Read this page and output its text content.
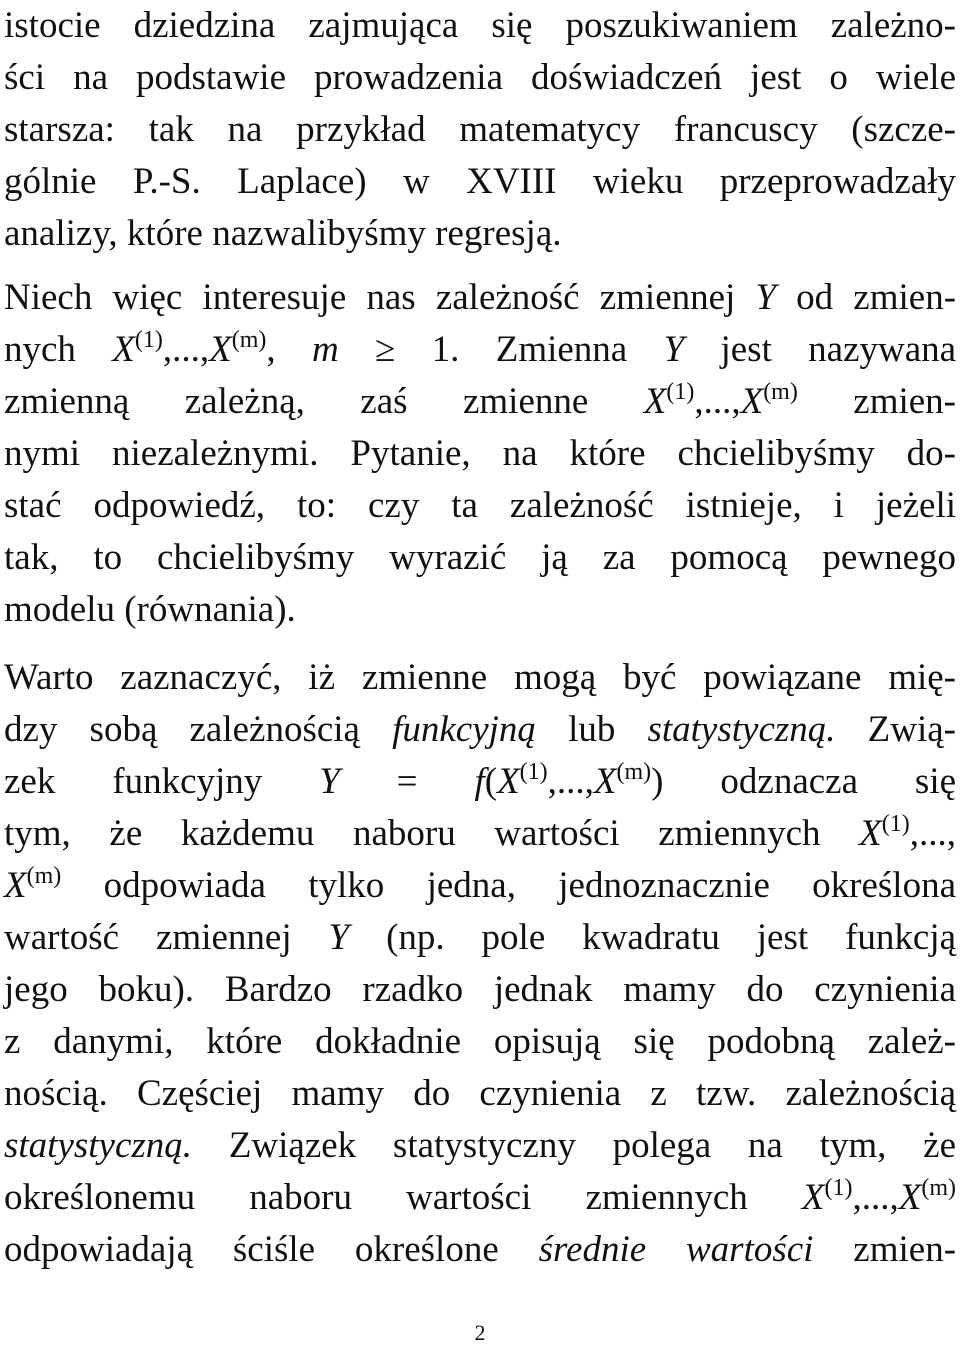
istocie dziedzina zajmująca się poszukiwaniem zależno-
ści na podstawie prowadzenia doświadczeń jest o wiele
starsza: tak na przykład matematycy francuscy (szcze-
gólnie P.-S. Laplace) w XVIII wieku przeprowadzały
analizy, które nazwalibyśmy regresją.
Niech więc interesuje nas zależność zmiennej Y od zmien-
nych $X^{(1)},...,X^{(m)}$, m ≥ 1. Zmienna Y jest nazywana
zmienną zależną, zaś zmienne $X^{(1)},...,X^{(m)}$ zmien-
nymi niezależnymi. Pytanie, na które chcielibyśmy do-
stać odpowiedź, to: czy ta zależność istnieje, i jeżeli
tak, to chcielibyśmy wyrazić ją za pomocą pewnego
modelu (równania).
Warto zaznaczyć, iż zmienne mogą być powiązane mię-
dzy sobą zależnością funkcyjną lub statystyczną. Zwią-
zek funkcyjny $Y = f(X^{(1)},...,X^{(m)})$ odznacza się
tym, że każdemu naboru wartości zmiennych $X^{(1)}$,...,
$X^{(m)}$ odpowiada tylko jedna, jednoznacznie określona
wartość zmiennej Y (np. pole kwadratu jest funkcją
jego boku). Bardzo rzadko jednak mamy do czynienia
z danymi, które dokładnie opisują się podobną zależ-
nością. Częściej mamy do czynienia z tzw. zależnością
statystyczną. Związek statystyczny polega na tym, że
określonemu naboru wartości zmiennych $X^{(1)},...,X^{(m)}$
odpowiadają ściśle określone średnie wartości zmien-
2
